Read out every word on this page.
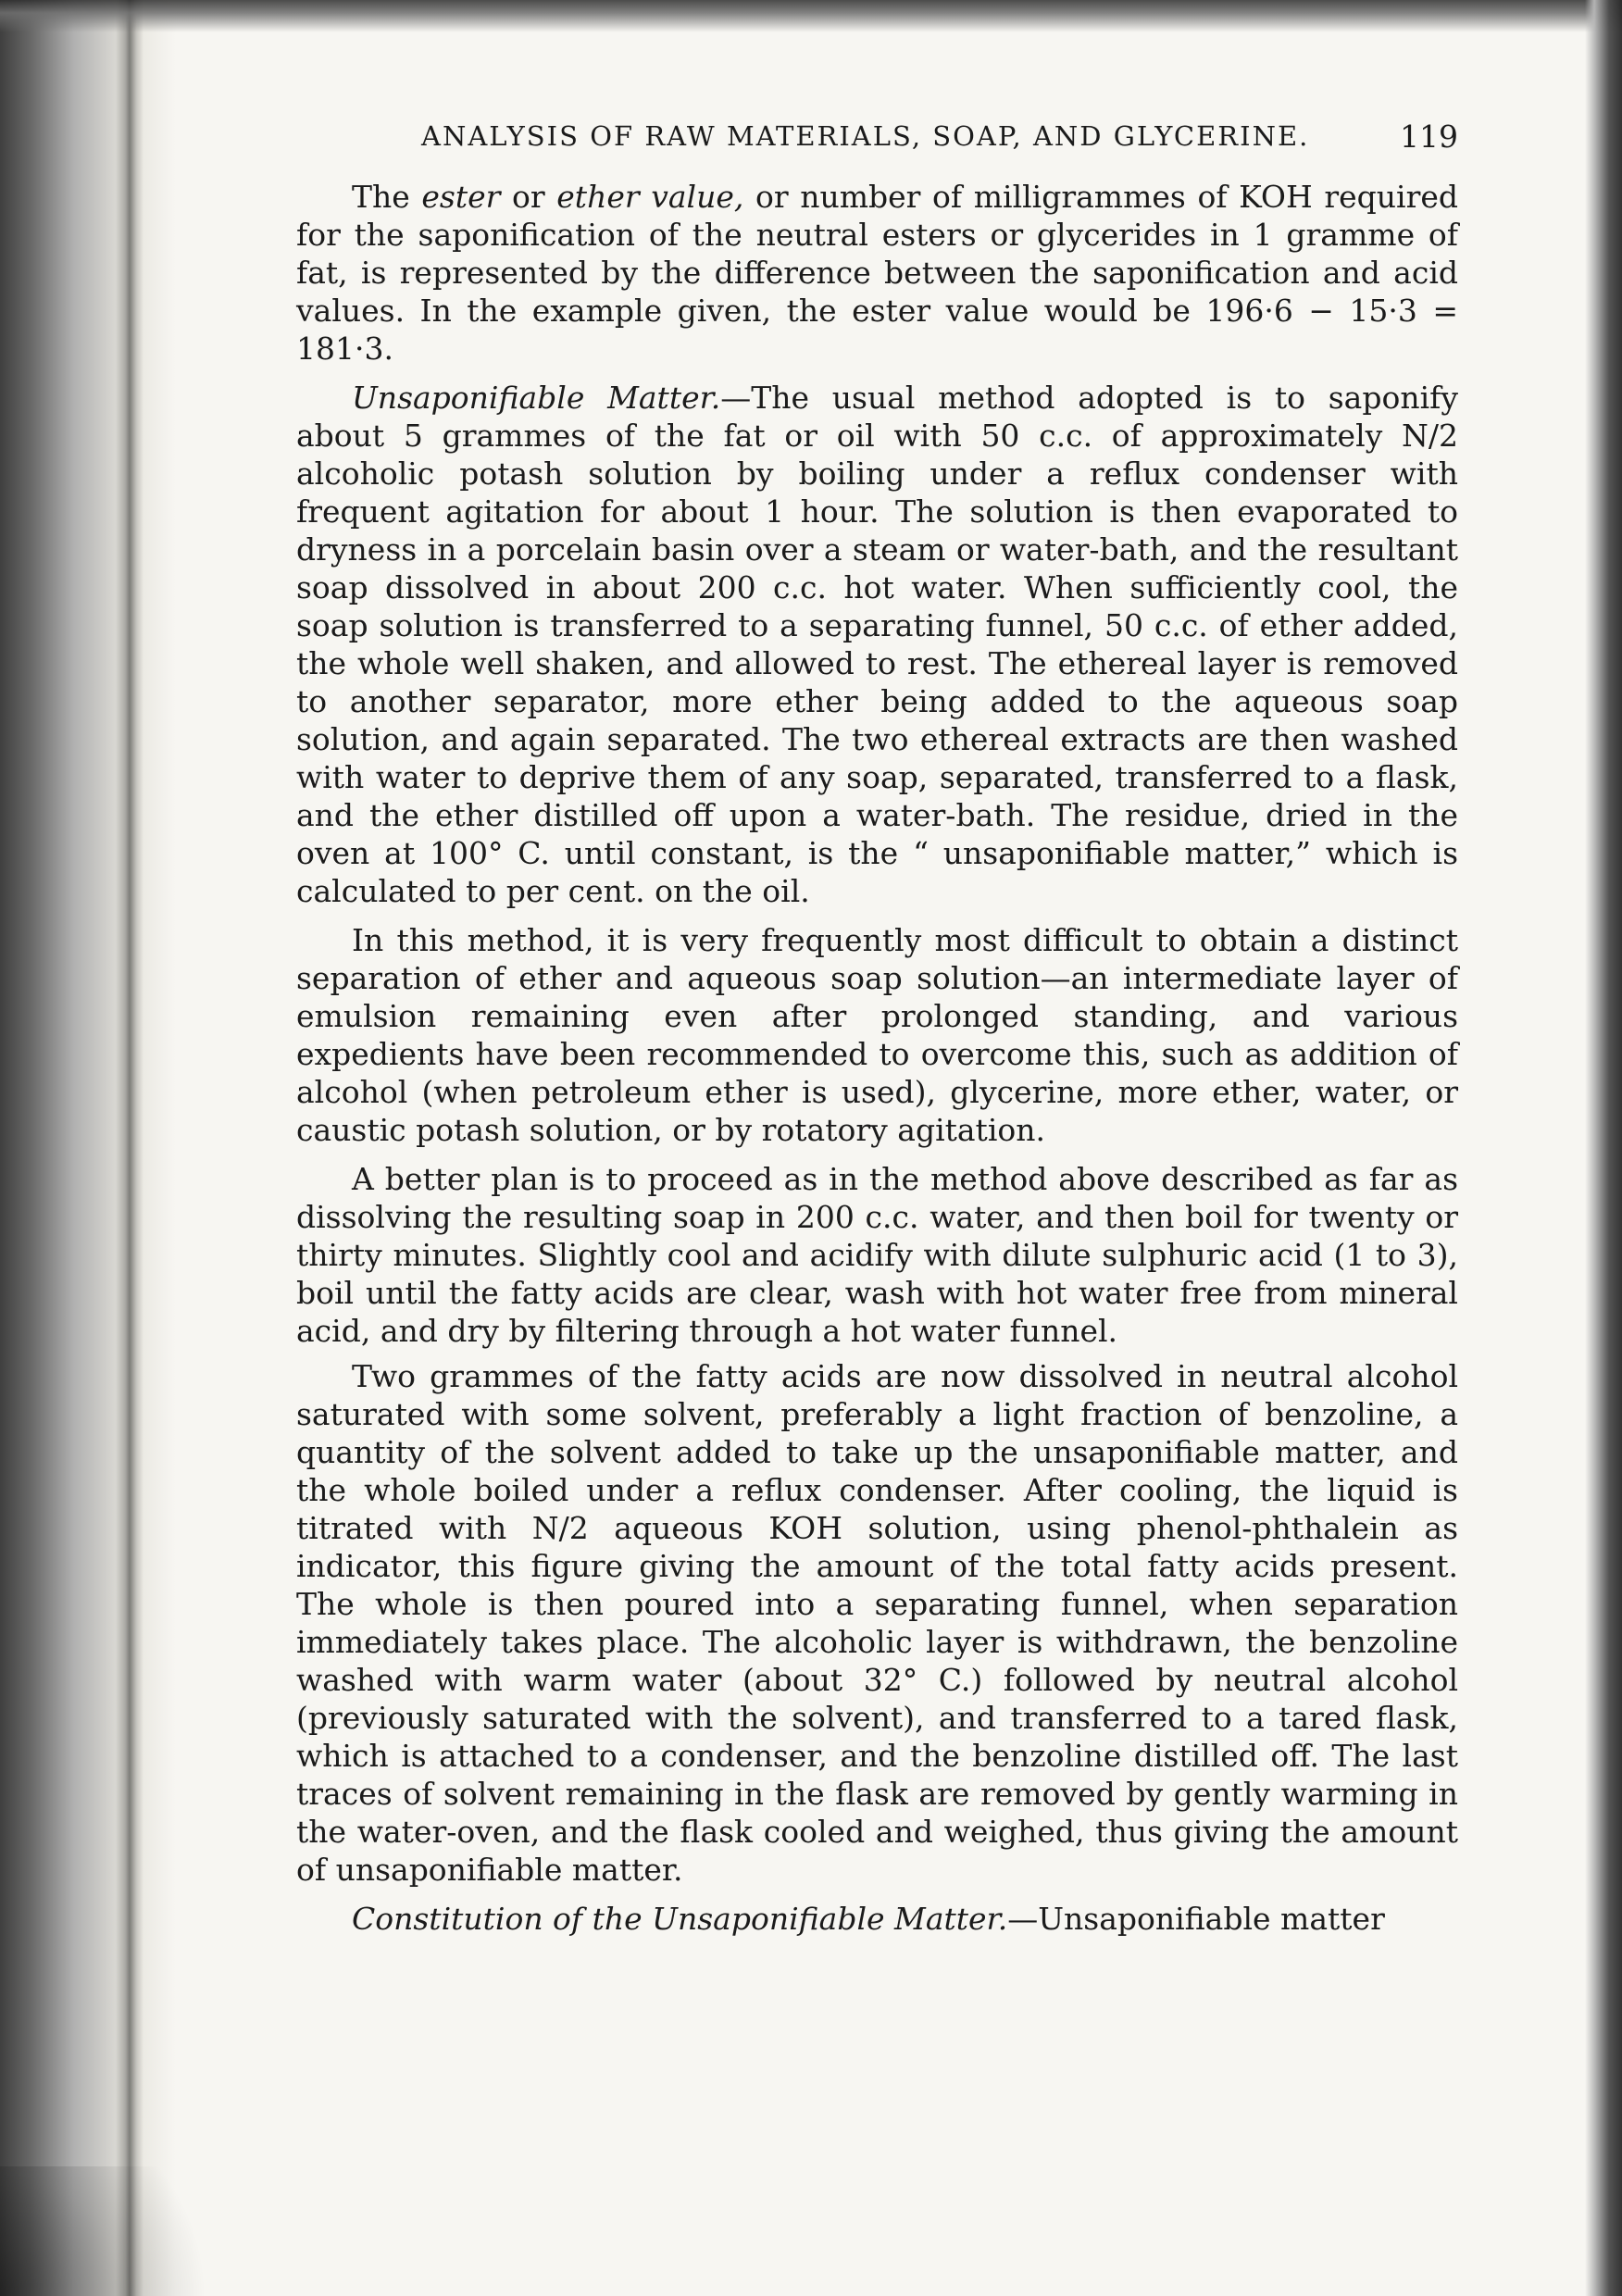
ANALYSIS OF RAW MATERIALS, SOAP, AND GLYCERINE.	119

The ester or ether value, or number of milligrammes of KOH required for the saponification of the neutral esters or glycerides in 1 gramme of fat, is represented by the difference between the saponification and acid values. In the example given, the ester value would be 196·6 − 15·3 = 181·3.

Unsaponifiable Matter.—The usual method adopted is to saponify about 5 grammes of the fat or oil with 50 c.c. of approximately N/2 alcoholic potash solution by boiling under a reflux condenser with frequent agitation for about 1 hour. The solution is then evaporated to dryness in a porcelain basin over a steam or water-bath, and the resultant soap dissolved in about 200 c.c. hot water. When sufficiently cool, the soap solution is transferred to a separating funnel, 50 c.c. of ether added, the whole well shaken, and allowed to rest. The ethereal layer is removed to another separator, more ether being added to the aqueous soap solution, and again separated. The two ethereal extracts are then washed with water to deprive them of any soap, separated, transferred to a flask, and the ether distilled off upon a water-bath. The residue, dried in the oven at 100° C. until constant, is the “ unsaponifiable matter,” which is calculated to per cent. on the oil.

In this method, it is very frequently most difficult to obtain a distinct separation of ether and aqueous soap solution—an intermediate layer of emulsion remaining even after prolonged standing, and various expedients have been recommended to overcome this, such as addition of alcohol (when petroleum ether is used), glycerine, more ether, water, or caustic potash solution, or by rotatory agitation.

A better plan is to proceed as in the method above described as far as dissolving the resulting soap in 200 c.c. water, and then boil for twenty or thirty minutes. Slightly cool and acidify with dilute sulphuric acid (1 to 3), boil until the fatty acids are clear, wash with hot water free from mineral acid, and dry by filtering through a hot water funnel.

Two grammes of the fatty acids are now dissolved in neutral alcohol saturated with some solvent, preferably a light fraction of benzoline, a quantity of the solvent added to take up the unsaponifiable matter, and the whole boiled under a reflux condenser. After cooling, the liquid is titrated with N/2 aqueous KOH solution, using phenol-phthalein as indicator, this figure giving the amount of the total fatty acids present. The whole is then poured into a separating funnel, when separation immediately takes place. The alcoholic layer is withdrawn, the benzoline washed with warm water (about 32° C.) followed by neutral alcohol (previously saturated with the solvent), and transferred to a tared flask, which is attached to a condenser, and the benzoline distilled off. The last traces of solvent remaining in the flask are removed by gently warming in the water-oven, and the flask cooled and weighed, thus giving the amount of unsaponifiable matter.

Constitution of the Unsaponifiable Matter.—Unsaponifiable matter
